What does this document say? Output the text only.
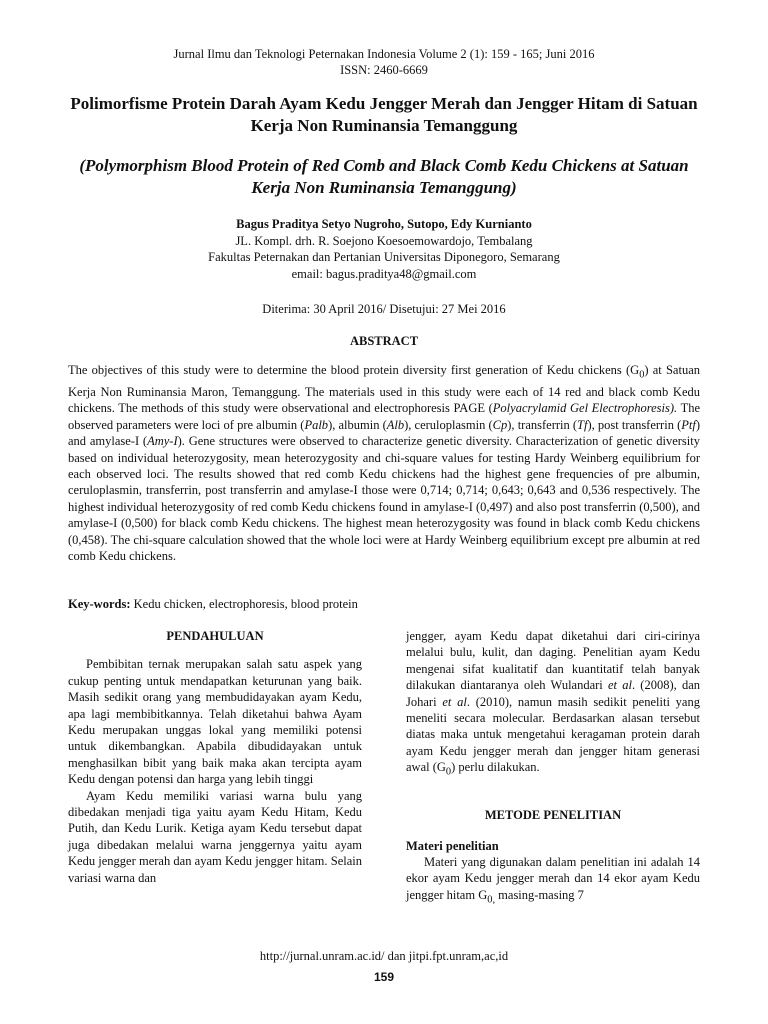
Jurnal Ilmu dan Teknologi Peternakan Indonesia Volume 2 (1): 159 - 165; Juni 2016
ISSN: 2460-6669
Polimorfisme Protein Darah Ayam Kedu Jengger Merah dan Jengger Hitam di Satuan Kerja Non Ruminansia Temanggung
(Polymorphism Blood Protein of Red Comb and Black Comb Kedu Chickens at Satuan Kerja Non Ruminansia Temanggung)
Bagus Praditya Setyo Nugroho, Sutopo, Edy Kurnianto
JL. Kompl. drh. R. Soejono Koesoemowardojo, Tembalang
Fakultas Peternakan dan Pertanian Universitas Diponegoro, Semarang
email: bagus.praditya48@gmail.com
Diterima: 30 April 2016/ Disetujui: 27 Mei 2016
ABSTRACT
The objectives of this study were to determine the blood protein diversity first generation of Kedu chickens $(G_0)$ at Satuan Kerja Non Ruminansia Maron, Temanggung. The materials used in this study were each of 14 red and black comb Kedu chickens. The methods of this study were observational and electrophoresis PAGE (Polyacrylamid Gel Electrophoresis). The observed parameters were loci of pre albumin (Palb), albumin (Alb), ceruloplasmin (Cp), transferrin (Tf), post transferrin (Ptf) and amylase-I (Amy-I). Gene structures were observed to characterize genetic diversity. Characterization of genetic diversity based on individual heterozygosity, mean heterozygosity and chi-square values for testing Hardy Weinberg equilibrium for each observed loci. The results showed that red comb Kedu chickens had the highest gene frequencies of pre albumin, ceruloplasmin, transferrin, post transferrin and amylase-I those were 0,714; 0,714; 0,643; 0,643 and 0,536 respectively. The highest individual heterozygosity of red comb Kedu chickens found in amylase-I (0,497) and also post transferrin (0,500), and amylase-I (0,500) for black comb Kedu chickens. The highest mean heterozygosity was found in black comb Kedu chickens (0,458). The chi-square calculation showed that the whole loci were at Hardy Weinberg equilibrium except pre albumin at red comb Kedu chickens.
Key-words: Kedu chicken, electrophoresis, blood protein
PENDAHULUAN

Pembibitan ternak merupakan salah satu aspek yang cukup penting untuk mendapatkan keturunan yang baik. Masih sedikit orang yang membudidayakan ayam Kedu, apa lagi membibitkannya. Telah diketahui bahwa Ayam Kedu merupakan unggas lokal yang memiliki potensi untuk dikembangkan. Apabila dibudidayakan untuk menghasilkan bibit yang baik maka akan tercipta ayam Kedu dengan potensi dan harga yang lebih tinggi

Ayam Kedu memiliki variasi warna bulu yang dibedakan menjadi tiga yaitu ayam Kedu Hitam, Kedu Putih, dan Kedu Lurik. Ketiga ayam Kedu tersebut dapat juga dibedakan melalui warna jenggernya yaitu ayam Kedu jengger merah dan ayam Kedu jengger hitam. Selain variasi warna dan

jengger, ayam Kedu dapat diketahui dari ciri-cirinya melalui bulu, kulit, dan daging. Penelitian ayam Kedu mengenai sifat kualitatif dan kuantitatif telah banyak dilakukan diantaranya oleh Wulandari et al. (2008), dan Johari et al. (2010), namun masih sedikit peneliti yang meneliti secara molecular. Berdasarkan alasan tersebut diatas maka untuk mengetahui keragaman protein darah ayam Kedu jengger merah dan jengger hitam generasi awal $(G_0)$ perlu dilakukan.

METODE PENELITIAN
Materi penelitian

Materi yang digunakan dalam penelitian ini adalah 14 ekor ayam Kedu jengger merah dan 14 ekor ayam Kedu jengger hitam $G_{0,}$ masing-masing 7

http://jurnal.unram.ac.id/ dan jitpi.fpt.unram,ac,id
159
